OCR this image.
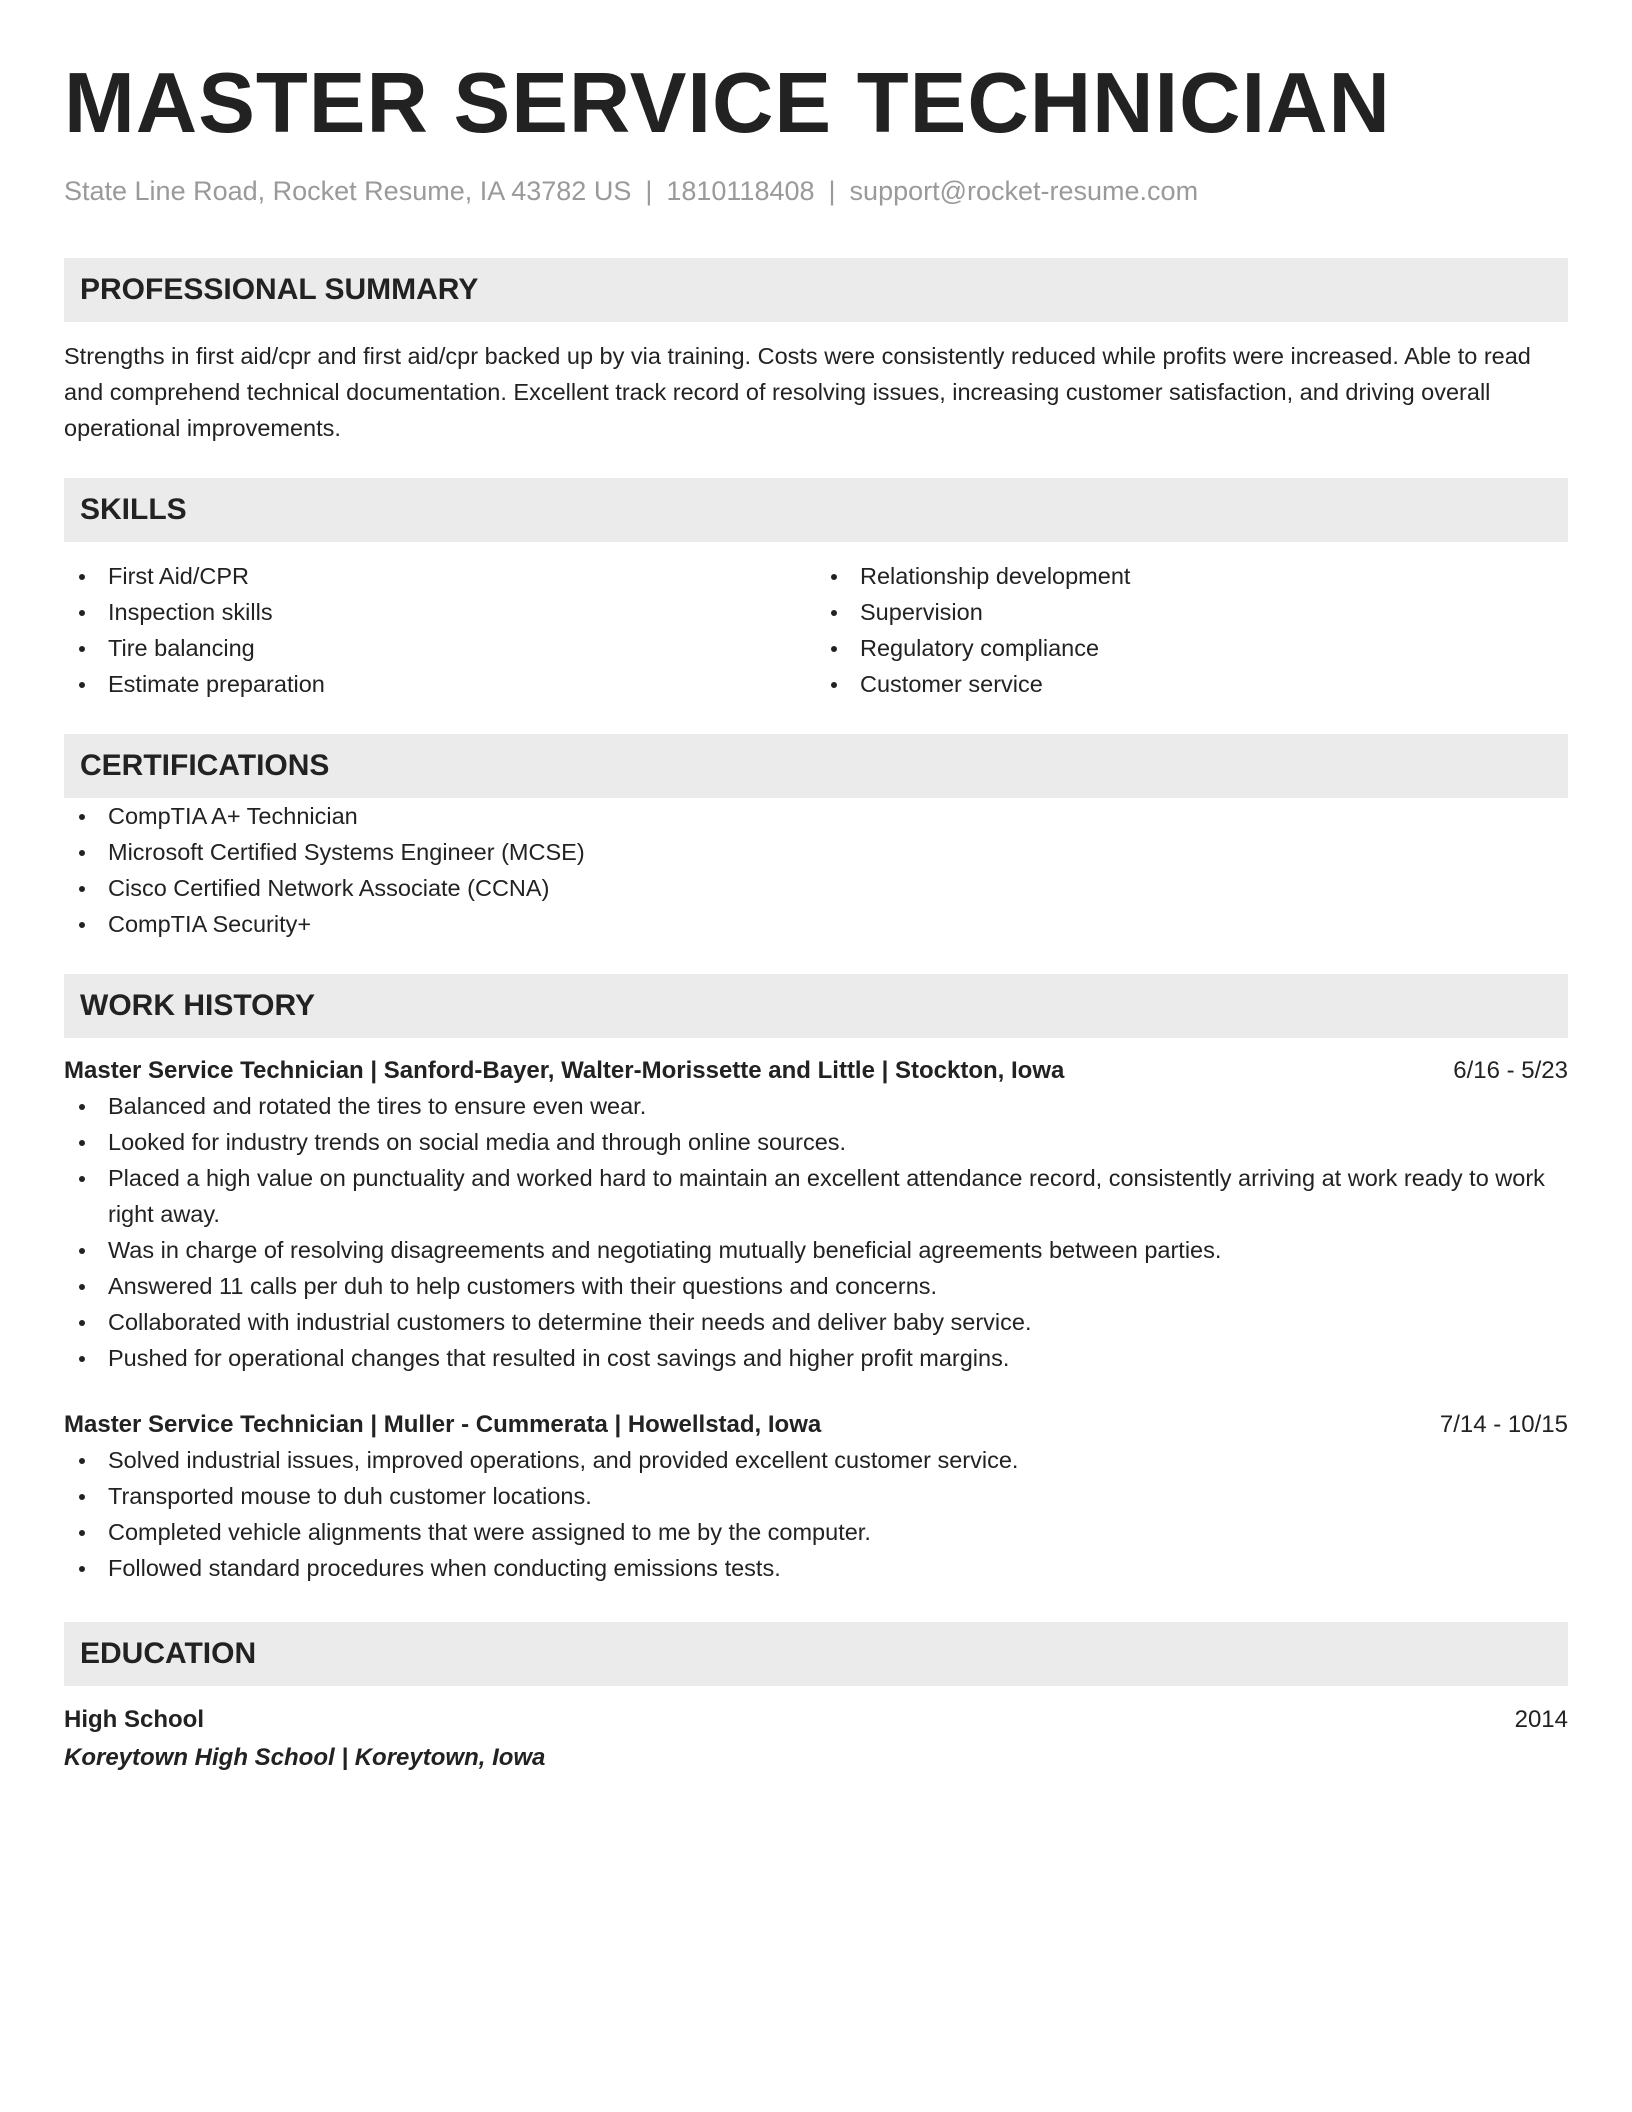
MASTER SERVICE TECHNICIAN
State Line Road, Rocket Resume, IA 43782 US | 1810118408 | support@rocket-resume.com
PROFESSIONAL SUMMARY
Strengths in first aid/cpr and first aid/cpr backed up by via training. Costs were consistently reduced while profits were increased. Able to read and comprehend technical documentation. Excellent track record of resolving issues, increasing customer satisfaction, and driving overall operational improvements.
SKILLS
First Aid/CPR
Inspection skills
Tire balancing
Estimate preparation
Relationship development
Supervision
Regulatory compliance
Customer service
CERTIFICATIONS
CompTIA A+ Technician
Microsoft Certified Systems Engineer (MCSE)
Cisco Certified Network Associate (CCNA)
CompTIA Security+
WORK HISTORY
Master Service Technician | Sanford-Bayer, Walter-Morissette and Little | Stockton, Iowa	6/16 - 5/23
Balanced and rotated the tires to ensure even wear.
Looked for industry trends on social media and through online sources.
Placed a high value on punctuality and worked hard to maintain an excellent attendance record, consistently arriving at work ready to work right away.
Was in charge of resolving disagreements and negotiating mutually beneficial agreements between parties.
Answered 11 calls per duh to help customers with their questions and concerns.
Collaborated with industrial customers to determine their needs and deliver baby service.
Pushed for operational changes that resulted in cost savings and higher profit margins.
Master Service Technician | Muller - Cummerata | Howellstad, Iowa	7/14 - 10/15
Solved industrial issues, improved operations, and provided excellent customer service.
Transported mouse to duh customer locations.
Completed vehicle alignments that were assigned to me by the computer.
Followed standard procedures when conducting emissions tests.
EDUCATION
High School	2014
Koreytown High School | Koreytown, Iowa
